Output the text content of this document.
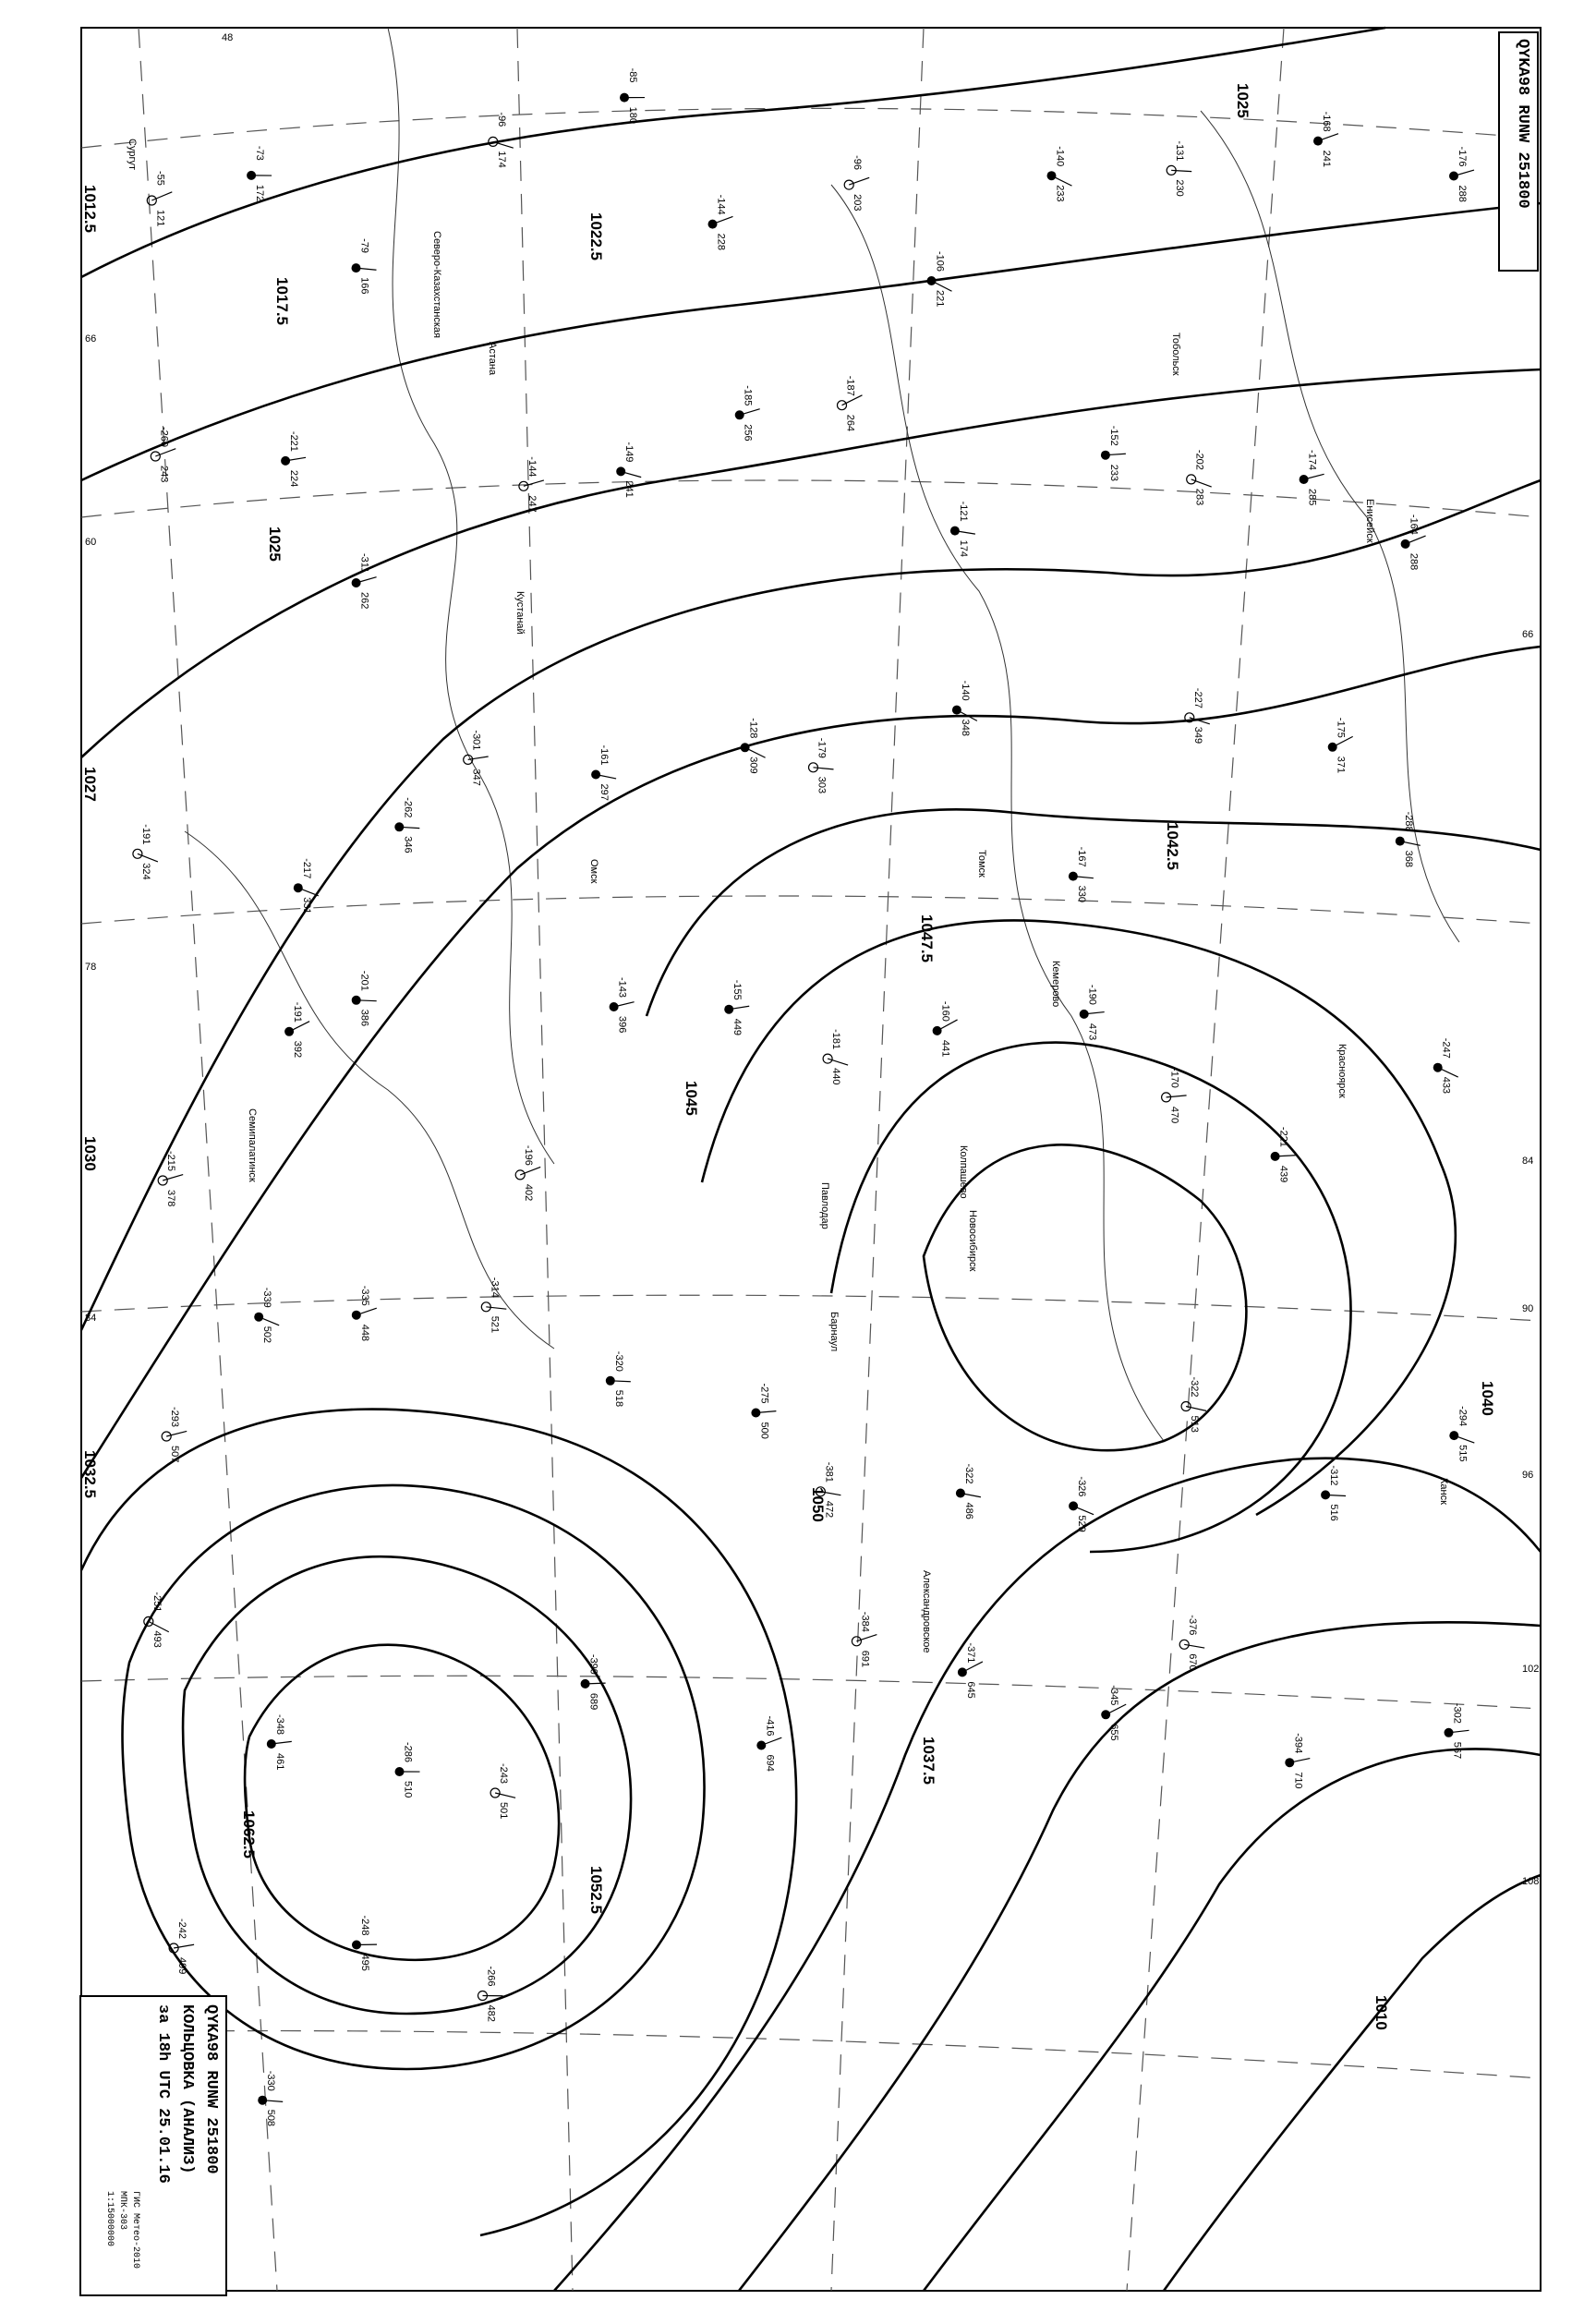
1012.5
1017.5
1022.5
1025
1025
1027
1030
1032.5
1037.5
1040
1042.5
1045
1047.5
1050
1052.5
1062.5
1010
48
66
60
78
84
66
84
90
96
102
108
Сургут
Астана
Кустанай
Северо-Казахстанская
Павлодар
Семипалатинск
Барнаул
Новосибирск
Томск
Кемерово
Красноярск
Канск
Енисейск
Тобольск
Омск
Александровское
Колпашево
-55
121
-73
172
-79
166
-96
174
-85
180
-144
228
-96
203
-106
221
-140
233
-131
230
-168
241	-176
288
-260
243
-221
224
-311
262
-144
247
-149
241
-185
256
-187
264
-121
174
-152
233
-202
283
-174
285
-164
288
-191
324	-217
331
-262
346
-301
347
-161
297
-128
309
-179
303
-140
348
-167
330
-227
349	-175
371
-288
368
-215
378
-191
392
-201
386
-196
402
-143
396
-155
449
-181
440
-160
441
-190
473
-170
470
-221
439
-247
433
-293
507
-339
502
-335
448
-314
521
-320
518	-275
500
-381
472
-322
486
-326
529
-322
513
-312
516
-294
515
-251
493
-348
461	-286
510
-243
501
-399
689
-416
694
-384
691	-371
645	-345
655
-376
670
-394
710
-302
567
-242
499
-330
508
-248
495
-266
482
QYKA98 RUNW 251800
QYKA98 RUNW 251800
КОЛЬЦОВКА (АНАЛИЗ)
за 18h UTC 25.01.16
ГИС Метео-2010
МПК-303
1:15000000
